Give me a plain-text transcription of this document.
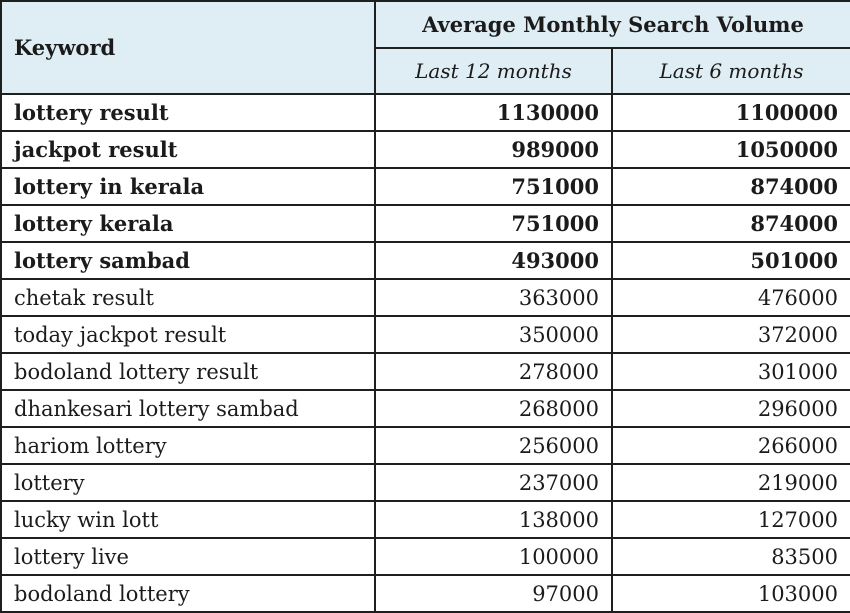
Keyword	Average Monthly Search Volume	
	Last 12 months	Last 6 months
lottery result	1130000	1100000
jackpot result	989000	1050000
lottery in kerala	751000	874000
lottery kerala	751000	874000
lottery sambad	493000	501000
chetak result	363000	476000
today jackpot result	350000	372000
bodoland lottery result	278000	301000
dhankesari lottery sambad	268000	296000
hariom lottery	256000	266000
lottery	237000	219000
lucky win lott	138000	127000
lottery live	100000	83500
bodoland lottery	97000	103000
